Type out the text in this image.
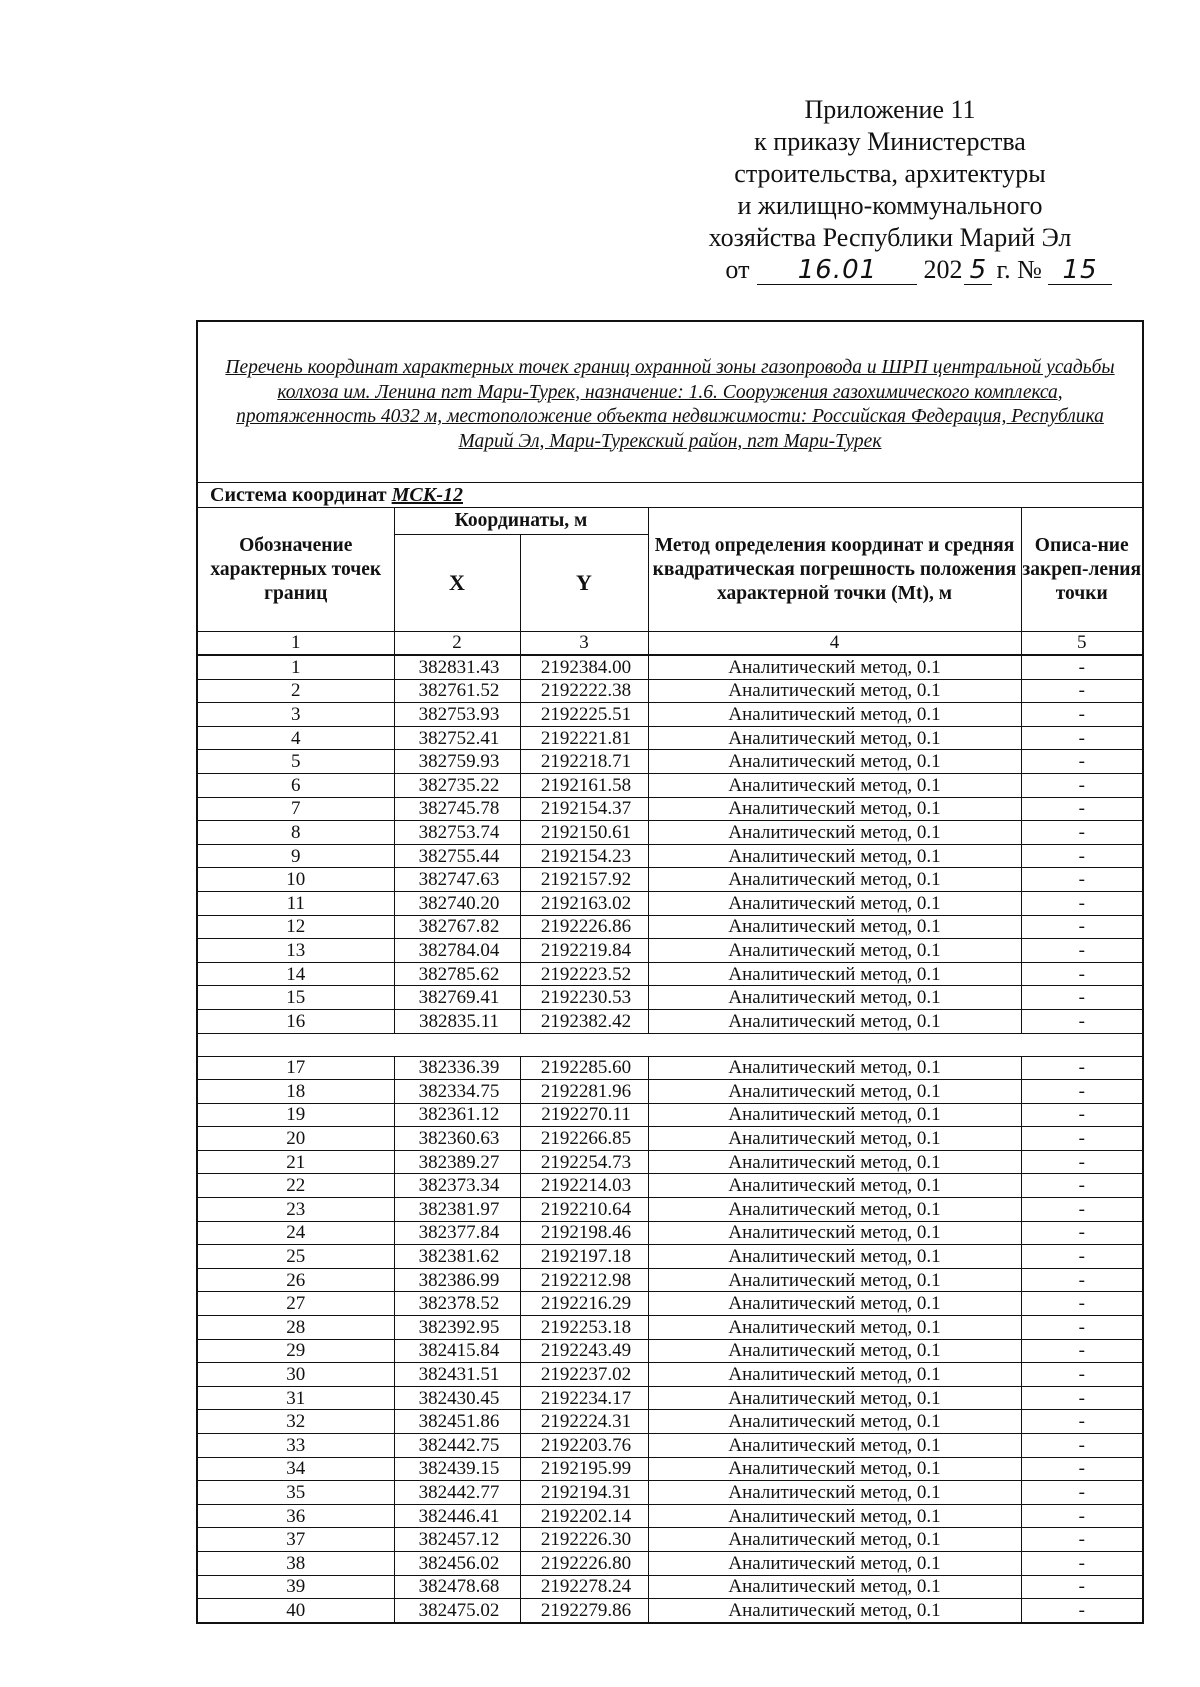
Приложение 11
к приказу Министерства
строительства, архитектуры
и жилищно-коммунального
хозяйства Республики Марий Эл
от 16.01 202 5 г. № 15
Перечень координат характерных точек границ охранной зоны газопровода и ШРП центральной усадьбы колхоза им. Ленина пгт Мари-Турек, назначение: 1.6. Сооружения газохимического комплекса, протяженность 4032 м, местоположение объекта недвижимости: Российская Федерация, Республика Марий Эл, Мари-Турекский район, пгт Мари-Турек				
Система координат МСК-12				
Обозначение характерных точек границ	Координаты, м		Метод определения координат и средняя квадратическая погрешность положения характерной точки (Mt), м	Описа-ние закреп-ления точки
	X	Y		
1	2	3	4	5
1	382831.43	2192384.00	Аналитический метод, 0.1	-
2	382761.52	2192222.38	Аналитический метод, 0.1	-
3	382753.93	2192225.51	Аналитический метод, 0.1	-
4	382752.41	2192221.81	Аналитический метод, 0.1	-
5	382759.93	2192218.71	Аналитический метод, 0.1	-
6	382735.22	2192161.58	Аналитический метод, 0.1	-
7	382745.78	2192154.37	Аналитический метод, 0.1	-
8	382753.74	2192150.61	Аналитический метод, 0.1	-
9	382755.44	2192154.23	Аналитический метод, 0.1	-
10	382747.63	2192157.92	Аналитический метод, 0.1	-
11	382740.20	2192163.02	Аналитический метод, 0.1	-
12	382767.82	2192226.86	Аналитический метод, 0.1	-
13	382784.04	2192219.84	Аналитический метод, 0.1	-
14	382785.62	2192223.52	Аналитический метод, 0.1	-
15	382769.41	2192230.53	Аналитический метод, 0.1	-
16	382835.11	2192382.42	Аналитический метод, 0.1	-

17	382336.39	2192285.60	Аналитический метод, 0.1	-
18	382334.75	2192281.96	Аналитический метод, 0.1	-
19	382361.12	2192270.11	Аналитический метод, 0.1	-
20	382360.63	2192266.85	Аналитический метод, 0.1	-
21	382389.27	2192254.73	Аналитический метод, 0.1	-
22	382373.34	2192214.03	Аналитический метод, 0.1	-
23	382381.97	2192210.64	Аналитический метод, 0.1	-
24	382377.84	2192198.46	Аналитический метод, 0.1	-
25	382381.62	2192197.18	Аналитический метод, 0.1	-
26	382386.99	2192212.98	Аналитический метод, 0.1	-
27	382378.52	2192216.29	Аналитический метод, 0.1	-
28	382392.95	2192253.18	Аналитический метод, 0.1	-
29	382415.84	2192243.49	Аналитический метод, 0.1	-
30	382431.51	2192237.02	Аналитический метод, 0.1	-
31	382430.45	2192234.17	Аналитический метод, 0.1	-
32	382451.86	2192224.31	Аналитический метод, 0.1	-
33	382442.75	2192203.76	Аналитический метод, 0.1	-
34	382439.15	2192195.99	Аналитический метод, 0.1	-
35	382442.77	2192194.31	Аналитический метод, 0.1	-
36	382446.41	2192202.14	Аналитический метод, 0.1	-
37	382457.12	2192226.30	Аналитический метод, 0.1	-
38	382456.02	2192226.80	Аналитический метод, 0.1	-
39	382478.68	2192278.24	Аналитический метод, 0.1	-
40	382475.02	2192279.86	Аналитический метод, 0.1	-
